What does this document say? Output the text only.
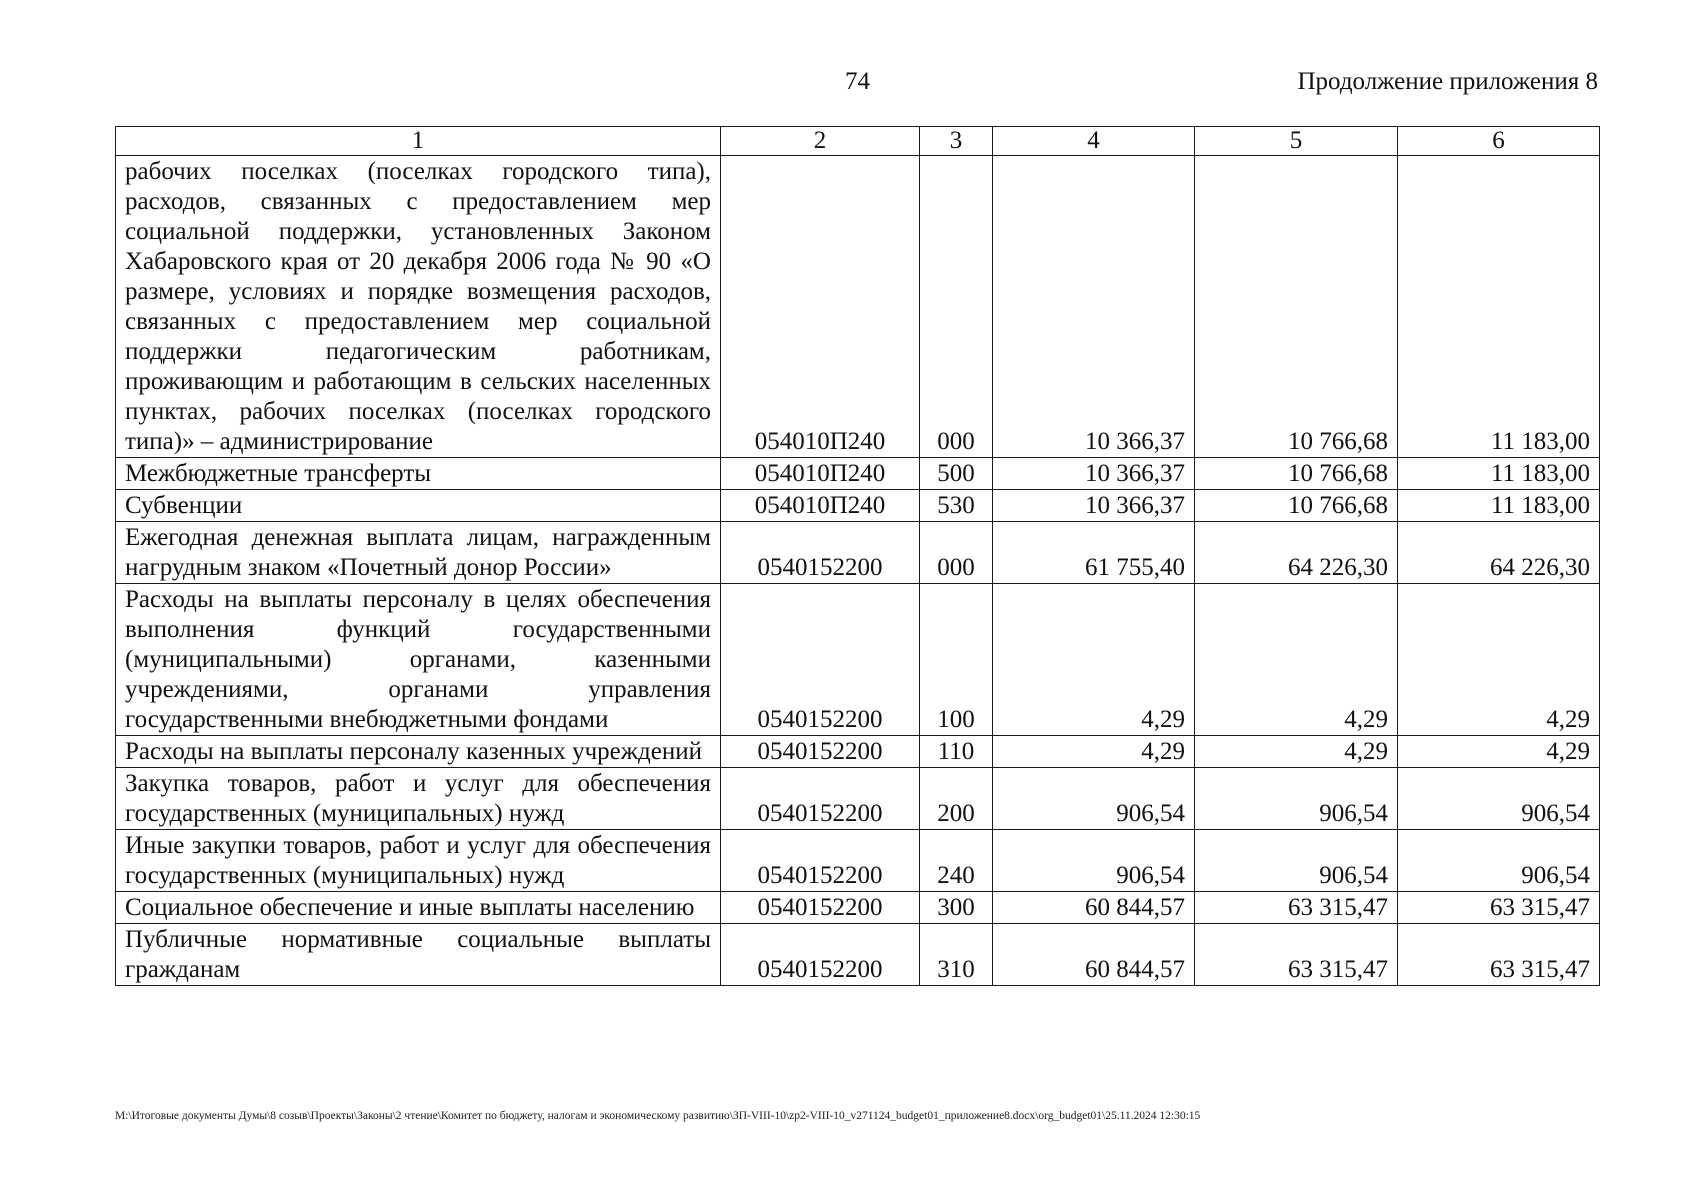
74	Продолжение приложения 8
1	2	3	4	5	6
рабочих поселках (поселках городского типа), расходов, связанных с предоставлением мер социальной поддержки, установленных Законом Хабаровского края от 20 декабря 2006 года № 90 «О размере, условиях и порядке возмещения расходов, связанных с предоставлением мер социальной поддержки педагогическим работникам, проживающим и работающим в сельских населенных пунктах, рабочих поселках (поселках городского типа)» – администрирование	054010П240	000	10 366,37	10 766,68	11 183,00
Межбюджетные трансферты	054010П240	500	10 366,37	10 766,68	11 183,00
Субвенции	054010П240	530	10 366,37	10 766,68	11 183,00
Ежегодная денежная выплата лицам, награжденным нагрудным знаком «Почетный донор России»	0540152200	000	61 755,40	64 226,30	64 226,30
Расходы на выплаты персоналу в целях обеспечения выполнения функций государственными (муниципальными) органами, казенными учреждениями, органами управления государственными внебюджетными фондами	0540152200	100	4,29	4,29	4,29
Расходы на выплаты персоналу казенных учреждений	0540152200	110	4,29	4,29	4,29
Закупка товаров, работ и услуг для обеспечения государственных (муниципальных) нужд	0540152200	200	906,54	906,54	906,54
Иные закупки товаров, работ и услуг для обеспечения государственных (муниципальных) нужд	0540152200	240	906,54	906,54	906,54
Социальное обеспечение и иные выплаты населению	0540152200	300	60 844,57	63 315,47	63 315,47
Публичные нормативные социальные выплаты гражданам	0540152200	310	60 844,57	63 315,47	63 315,47
M:\Итоговые документы Думы\8 созыв\Проекты\Законы\2 чтение\Комитет по бюджету, налогам и экономическому развитию\ЗП-VIII-10\zp2-VIII-10_v271124_budget01_приложение8.docx\org_budget01\25.11.2024 12:30:15
